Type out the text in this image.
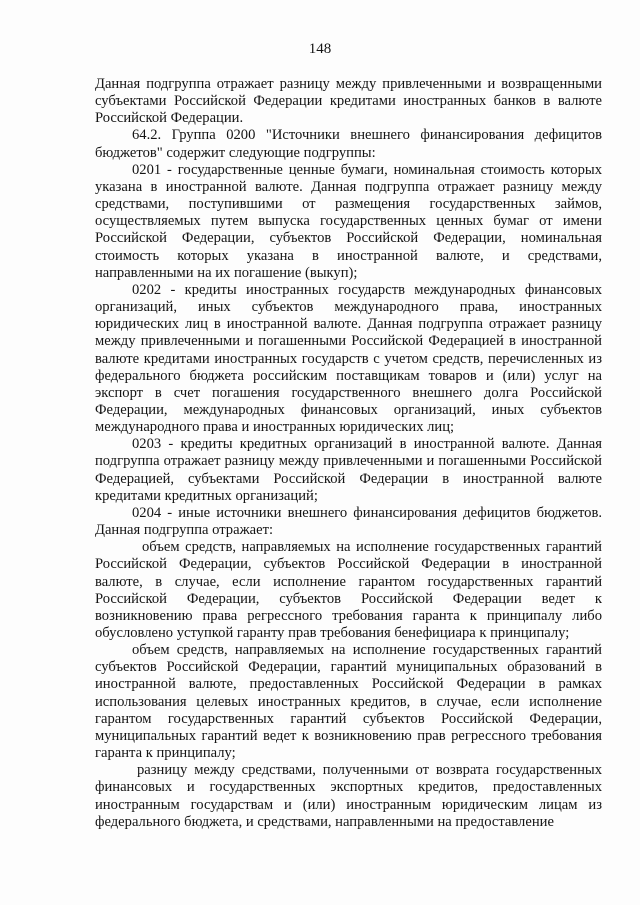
148

Данная подгруппа отражает разницу между привлеченными и возвращенными субъектами Российской Федерации кредитами иностранных банков в валюте Российской Федерации.

64.2. Группа 0200 "Источники внешнего финансирования дефицитов бюджетов" содержит следующие подгруппы:

0201 - государственные ценные бумаги, номинальная стоимость которых указана в иностранной валюте. Данная подгруппа отражает разницу между средствами, поступившими от размещения государственных займов, осуществляемых путем выпуска государственных ценных бумаг от имени Российской Федерации, субъектов Российской Федерации, номинальная стоимость которых указана в иностранной валюте, и средствами, направленными на их погашение (выкуп);

0202 - кредиты иностранных государств международных финансовых организаций, иных субъектов международного права, иностранных юридических лиц в иностранной валюте. Данная подгруппа отражает разницу между привлеченными и погашенными Российской Федерацией в иностранной валюте кредитами иностранных государств с учетом средств, перечисленных из федерального бюджета российским поставщикам товаров и (или) услуг на экспорт в счет погашения государственного внешнего долга Российской Федерации, международных финансовых организаций, иных субъектов международного права и иностранных юридических лиц;

0203 - кредиты кредитных организаций в иностранной валюте. Данная подгруппа отражает разницу между привлеченными и погашенными Российской Федерацией, субъектами Российской Федерации в иностранной валюте кредитами кредитных организаций;

0204 - иные источники внешнего финансирования дефицитов бюджетов. Данная подгруппа отражает:

объем средств, направляемых на исполнение государственных гарантий Российской Федерации, субъектов Российской Федерации в иностранной валюте, в случае, если исполнение гарантом государственных гарантий Российской Федерации, субъектов Российской Федерации ведет к возникновению права регрессного требования гаранта к принципалу либо обусловлено уступкой гаранту прав требования бенефициара к принципалу;

объем средств, направляемых на исполнение государственных гарантий субъектов Российской Федерации, гарантий муниципальных образований в иностранной валюте, предоставленных Российской Федерации в рамках использования целевых иностранных кредитов, в случае, если исполнение гарантом государственных гарантий субъектов Российской Федерации, муниципальных гарантий ведет к возникновению прав регрессного требования гаранта к принципалу;

разницу между средствами, полученными от возврата государственных финансовых и государственных экспортных кредитов, предоставленных иностранным государствам и (или) иностранным юридическим лицам из федерального бюджета, и средствами, направленными на предоставление
